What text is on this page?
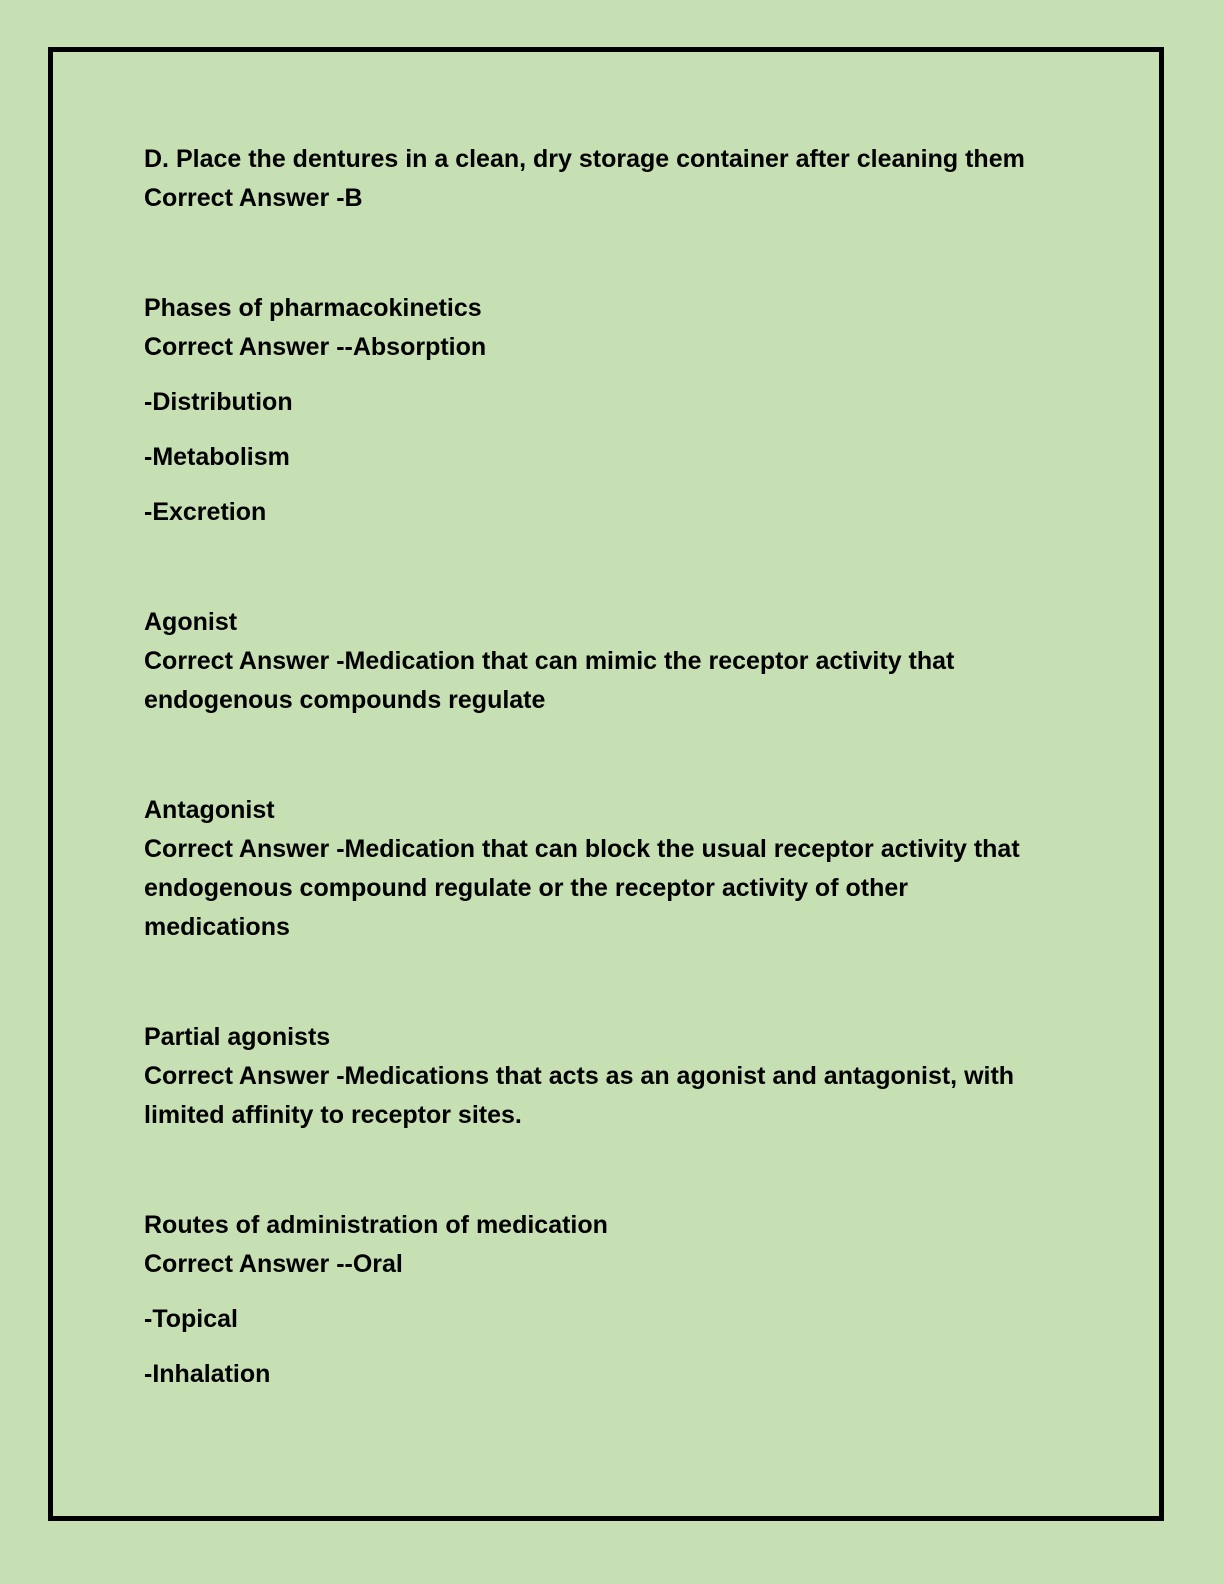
D. Place the dentures in a clean, dry storage container after cleaning them

Correct Answer -B

Phases of pharmacokinetics

Correct Answer --Absorption

-Distribution

-Metabolism

-Excretion

Agonist

Correct Answer -Medication that can mimic the receptor activity that

endogenous compounds regulate

Antagonist

Correct Answer -Medication that can block the usual receptor activity that

endogenous compound regulate or the receptor activity of other

medications

Partial agonists

Correct Answer -Medications that acts as an agonist and antagonist, with

limited affinity to receptor sites.

Routes of administration of medication

Correct Answer --Oral

-Topical

-Inhalation
